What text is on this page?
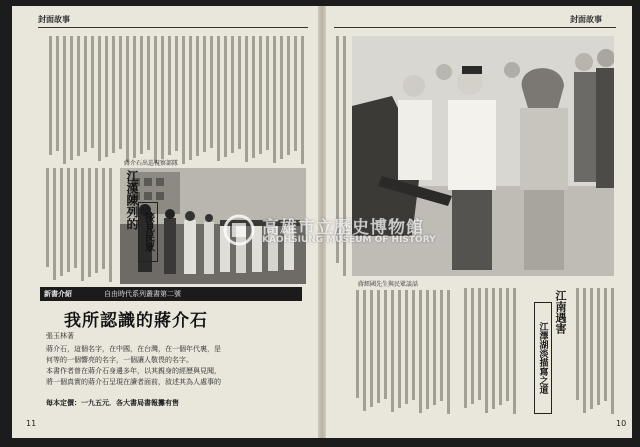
封面故事
蔣介石出巡視察部隊
江漢陳列的
接見民眾
新書介紹	自由時代系列叢書第二號
我所認識的蔣介石
張玉林著
蔣介石，這個名字，在中國，在台灣，在一個年代裏，是
何等的一個響亮的名字，一個讓人敬畏的名字。
本書作者曾在蔣介石身邊多年，以其親身的經歷與見聞，
將一個真實的蔣介石呈現在讀者面前，敘述其為人處事的
每本定價：一九五元．各大書局書報攤有售
11
封面故事
蔣經國先生與民眾談話
江澤湖淡描寫之道
江南遇害
10
高雄市立歷史博物館
KAOHSIUNG MUSEUM OF HISTORY
